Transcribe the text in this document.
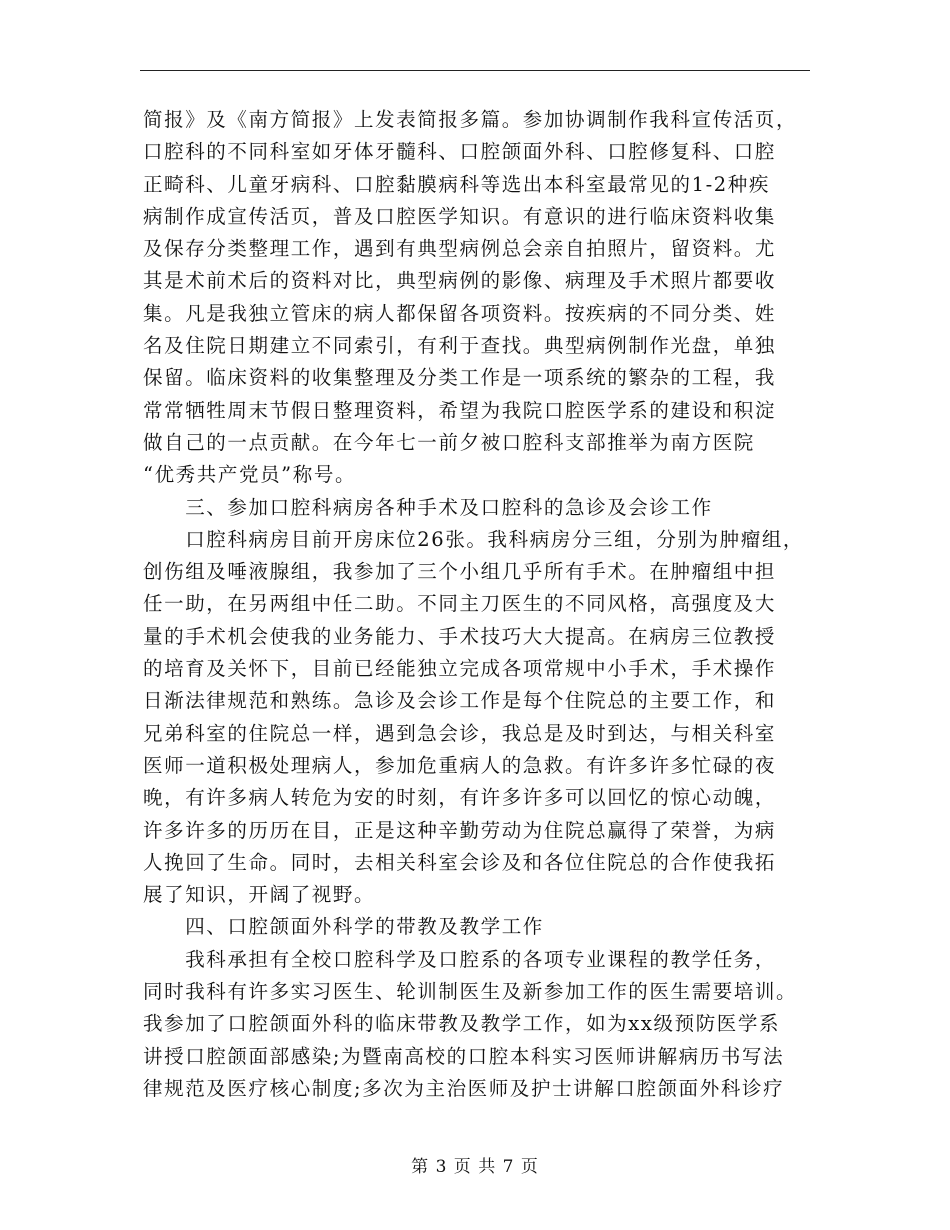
简报》及《南方简报》上发表简报多篇。参加协调制作我科宣传活页，
口腔科的不同科室如牙体牙髓科、口腔颌面外科、口腔修复科、口腔
正畸科、儿童牙病科、口腔黏膜病科等选出本科室最常见的1-2种疾
病制作成宣传活页，普及口腔医学知识。有意识的进行临床资料收集
及保存分类整理工作，遇到有典型病例总会亲自拍照片，留资料。尤
其是术前术后的资料对比，典型病例的影像、病理及手术照片都要收
集。凡是我独立管床的病人都保留各项资料。按疾病的不同分类、姓
名及住院日期建立不同索引，有利于查找。典型病例制作光盘，单独
保留。临床资料的收集整理及分类工作是一项系统的繁杂的工程，我
常常牺牲周末节假日整理资料，希望为我院口腔医学系的建设和积淀
做自己的一点贡献。在今年七一前夕被口腔科支部推举为南方医院
“优秀共产党员”称号。
　　三、参加口腔科病房各种手术及口腔科的急诊及会诊工作
　　口腔科病房目前开房床位26张。我科病房分三组，分别为肿瘤组，
创伤组及唾液腺组，我参加了三个小组几乎所有手术。在肿瘤组中担
任一助，在另两组中任二助。不同主刀医生的不同风格，高强度及大
量的手术机会使我的业务能力、手术技巧大大提高。在病房三位教授
的培育及关怀下，目前已经能独立完成各项常规中小手术，手术操作
日渐法律规范和熟练。急诊及会诊工作是每个住院总的主要工作，和
兄弟科室的住院总一样，遇到急会诊，我总是及时到达，与相关科室
医师一道积极处理病人，参加危重病人的急救。有许多许多忙碌的夜
晚，有许多病人转危为安的时刻，有许多许多可以回忆的惊心动魄，
许多许多的历历在目，正是这种辛勤劳动为住院总赢得了荣誉，为病
人挽回了生命。同时，去相关科室会诊及和各位住院总的合作使我拓
展了知识，开阔了视野。
　　四、口腔颌面外科学的带教及教学工作
　　我科承担有全校口腔科学及口腔系的各项专业课程的教学任务，
同时我科有许多实习医生、轮训制医生及新参加工作的医生需要培训。
我参加了口腔颌面外科的临床带教及教学工作，如为xx级预防医学系
讲授口腔颌面部感染;为暨南高校的口腔本科实习医师讲解病历书写法
律规范及医疗核心制度;多次为主治医师及护士讲解口腔颌面外科诊疗
第 3 页 共 7 页
